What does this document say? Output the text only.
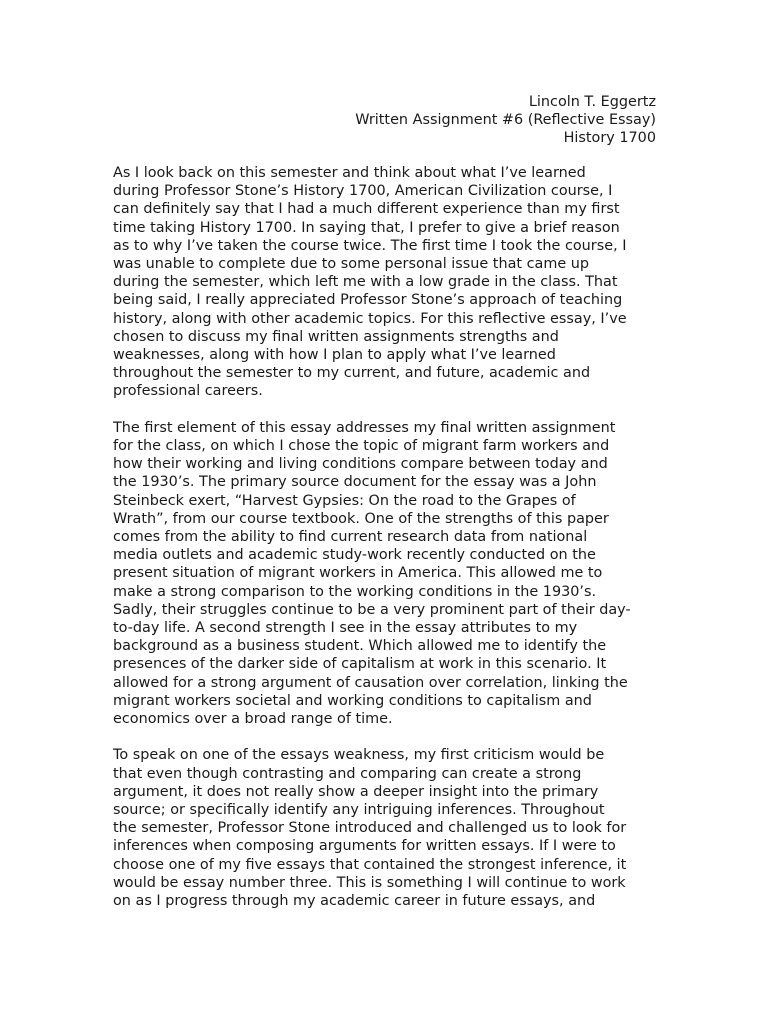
Lincoln T. Eggertz
Written Assignment #6 (Reflective Essay)
History 1700

As I look back on this semester and think about what I’ve learned
during Professor Stone’s History 1700, American Civilization course, I
can definitely say that I had a much different experience than my first
time taking History 1700. In saying that, I prefer to give a brief reason
as to why I’ve taken the course twice. The first time I took the course, I
was unable to complete due to some personal issue that came up
during the semester, which left me with a low grade in the class. That
being said, I really appreciated Professor Stone’s approach of teaching
history, along with other academic topics. For this reflective essay, I’ve
chosen to discuss my final written assignments strengths and
weaknesses, along with how I plan to apply what I’ve learned
throughout the semester to my current, and future, academic and
professional careers.

The first element of this essay addresses my final written assignment
for the class, on which I chose the topic of migrant farm workers and
how their working and living conditions compare between today and
the 1930’s. The primary source document for the essay was a John
Steinbeck exert, “Harvest Gypsies: On the road to the Grapes of
Wrath”, from our course textbook. One of the strengths of this paper
comes from the ability to find current research data from national
media outlets and academic study-work recently conducted on the
present situation of migrant workers in America. This allowed me to
make a strong comparison to the working conditions in the 1930’s.
Sadly, their struggles continue to be a very prominent part of their day-
to-day life. A second strength I see in the essay attributes to my
background as a business student. Which allowed me to identify the
presences of the darker side of capitalism at work in this scenario. It
allowed for a strong argument of causation over correlation, linking the
migrant workers societal and working conditions to capitalism and
economics over a broad range of time.

To speak on one of the essays weakness, my first criticism would be
that even though contrasting and comparing can create a strong
argument, it does not really show a deeper insight into the primary
source; or specifically identify any intriguing inferences. Throughout
the semester, Professor Stone introduced and challenged us to look for
inferences when composing arguments for written essays. If I were to
choose one of my five essays that contained the strongest inference, it
would be essay number three. This is something I will continue to work
on as I progress through my academic career in future essays, and
